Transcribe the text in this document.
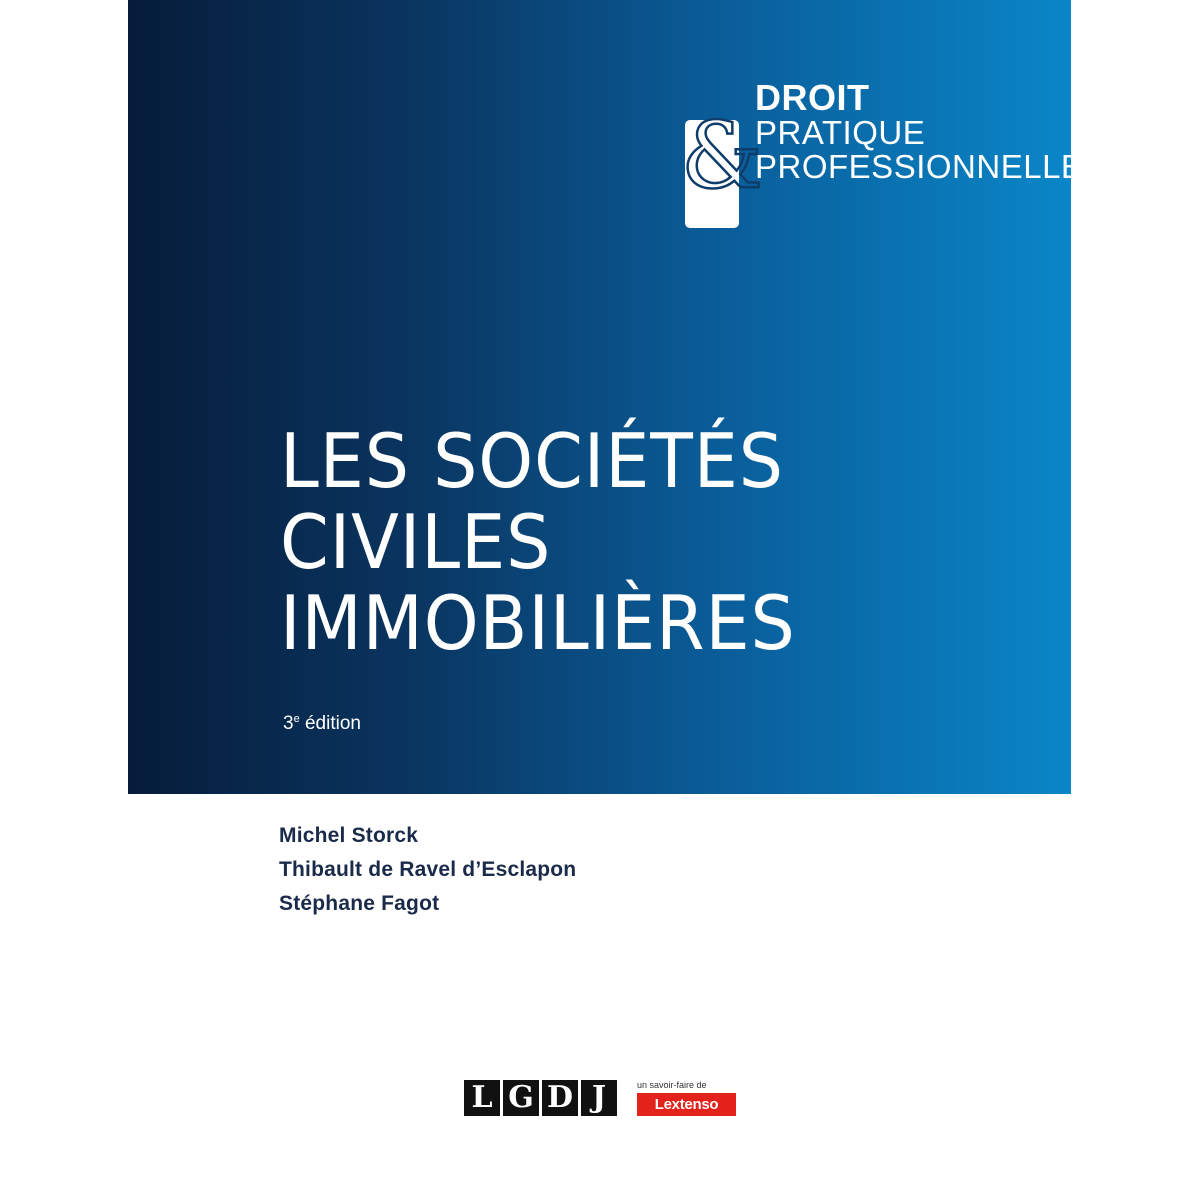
&
DROIT
PRATIQUE
PROFESSIONNELLE
LES SOCIÉTÉS
CIVILES
IMMOBILIÈRES
3e édition
Michel Storck
Thibault de Ravel d’Esclapon
Stéphane Fagot
L G D J	un savoir-faire de
Lextenso
